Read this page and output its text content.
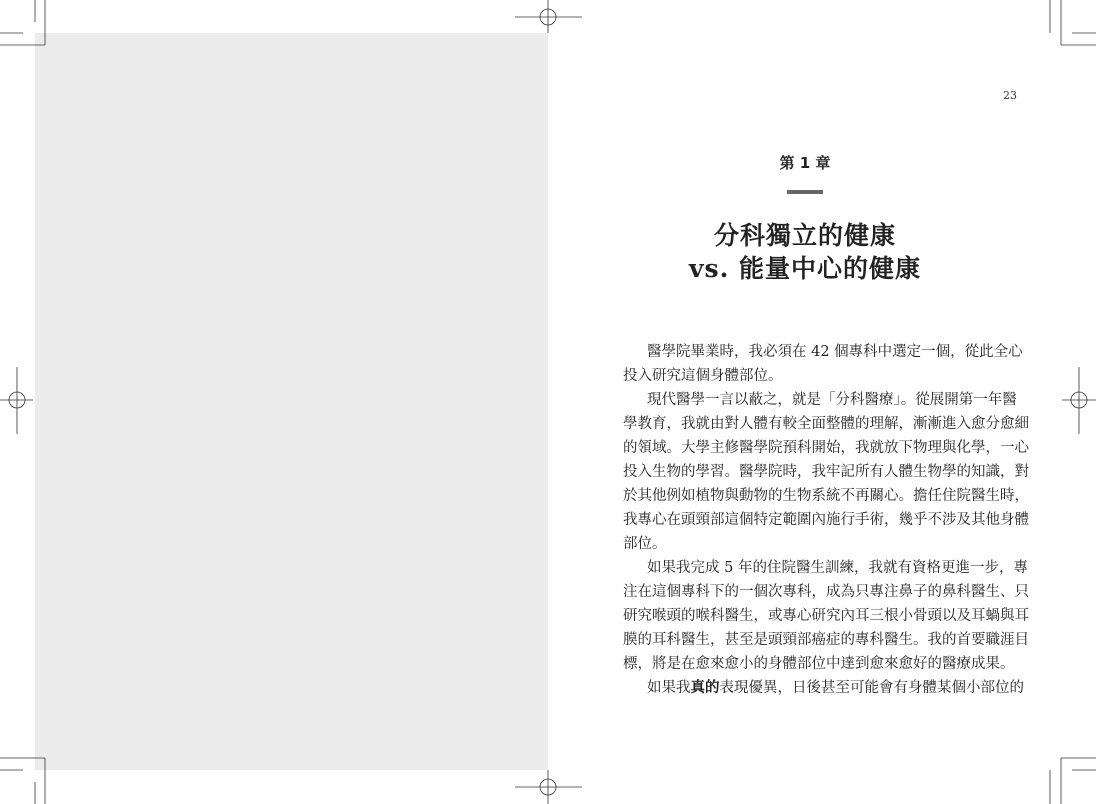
23
第 1 章
分科獨立的健康
vs. 能量中心的健康
醫學院畢業時，我必須在 42 個專科中選定一個，從此全心
投入研究這個身體部位。
現代醫學一言以蔽之，就是「分科醫療」。從展開第一年醫
學教育，我就由對人體有較全面整體的理解，漸漸進入愈分愈細
的領域。大學主修醫學院預科開始，我就放下物理與化學，一心
投入生物的學習。醫學院時，我牢記所有人體生物學的知識，對
於其他例如植物與動物的生物系統不再關心。擔任住院醫生時，
我專心在頭頸部這個特定範圍內施行手術，幾乎不涉及其他身體
部位。
如果我完成 5 年的住院醫生訓練，我就有資格更進一步，專
注在這個專科下的一個次專科，成為只專注鼻子的鼻科醫生、只
研究喉頭的喉科醫生，或專心研究內耳三根小骨頭以及耳蝸與耳
膜的耳科醫生，甚至是頭頸部癌症的專科醫生。我的首要職涯目
標，將是在愈來愈小的身體部位中達到愈來愈好的醫療成果。
如果我真的表現優異，日後甚至可能會有身體某個小部位的
